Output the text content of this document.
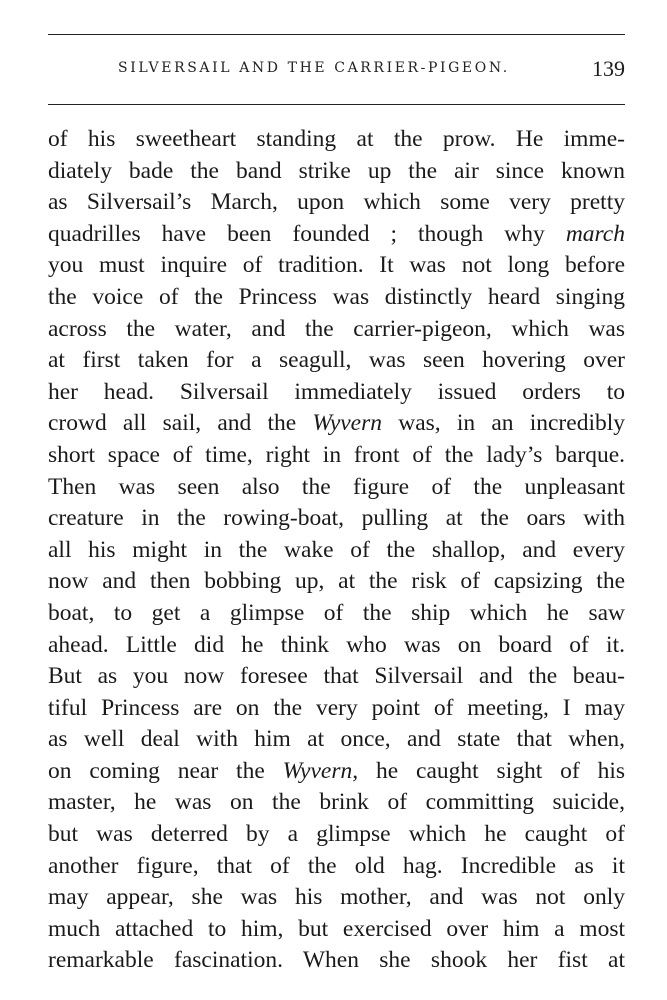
SILVERSAIL AND THE CARRIER-PIGEON.	139
of his sweetheart standing at the prow. He imme-
diately bade the band strike up the air since known
as Silversail’s March, upon which some very pretty
quadrilles have been founded ; though why march
you must inquire of tradition. It was not long before
the voice of the Princess was distinctly heard singing
across the water, and the carrier-pigeon, which was
at first taken for a seagull, was seen hovering over
her head. Silversail immediately issued orders to
crowd all sail, and the Wyvern was, in an incredibly
short space of time, right in front of the lady’s barque.
Then was seen also the figure of the unpleasant
creature in the rowing-boat, pulling at the oars with
all his might in the wake of the shallop, and every
now and then bobbing up, at the risk of capsizing the
boat, to get a glimpse of the ship which he saw
ahead. Little did he think who was on board of it.
But as you now foresee that Silversail and the beau-
tiful Princess are on the very point of meeting, I may
as well deal with him at once, and state that when,
on coming near the Wyvern, he caught sight of his
master, he was on the brink of committing suicide,
but was deterred by a glimpse which he caught of
another figure, that of the old hag. Incredible as it
may appear, she was his mother, and was not only
much attached to him, but exercised over him a most
remarkable fascination. When she shook her fist at
